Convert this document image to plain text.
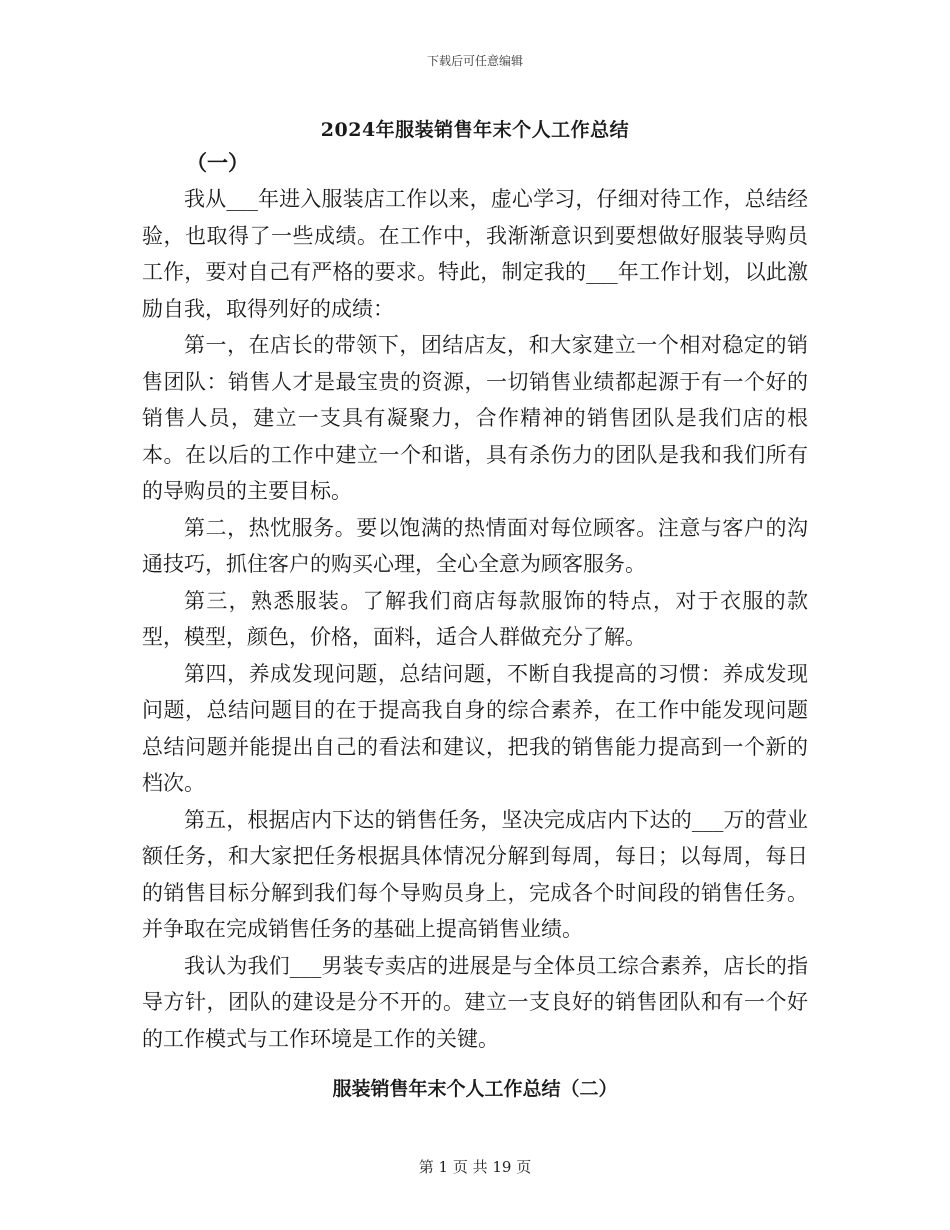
下载后可任意编辑
2024年服装销售年末个人工作总结
（一）

我从___年进入服装店工作以来，虚心学习，仔细对待工作，总结经验，也取得了一些成绩。在工作中，我渐渐意识到要想做好服装导购员工作，要对自己有严格的要求。特此，制定我的___年工作计划，以此激励自我，取得列好的成绩：

第一，在店长的带领下，团结店友，和大家建立一个相对稳定的销售团队：销售人才是最宝贵的资源，一切销售业绩都起源于有一个好的销售人员，建立一支具有凝聚力，合作精神的销售团队是我们店的根本。在以后的工作中建立一个和谐，具有杀伤力的团队是我和我们所有的导购员的主要目标。

第二，热忱服务。要以饱满的热情面对每位顾客。注意与客户的沟通技巧，抓住客户的购买心理，全心全意为顾客服务。

第三，熟悉服装。了解我们商店每款服饰的特点，对于衣服的款型，模型，颜色，价格，面料，适合人群做充分了解。

第四，养成发现问题，总结问题，不断自我提高的习惯：养成发现问题，总结问题目的在于提高我自身的综合素养，在工作中能发现问题总结问题并能提出自己的看法和建议，把我的销售能力提高到一个新的档次。

第五，根据店内下达的销售任务，坚决完成店内下达的___万的营业额任务，和大家把任务根据具体情况分解到每周，每日；以每周，每日的销售目标分解到我们每个导购员身上，完成各个时间段的销售任务。并争取在完成销售任务的基础上提高销售业绩。

我认为我们___男装专卖店的进展是与全体员工综合素养，店长的指导方针，团队的建设是分不开的。建立一支良好的销售团队和有一个好的工作模式与工作环境是工作的关键。

服装销售年末个人工作总结（二）
第 1 页 共 19 页
